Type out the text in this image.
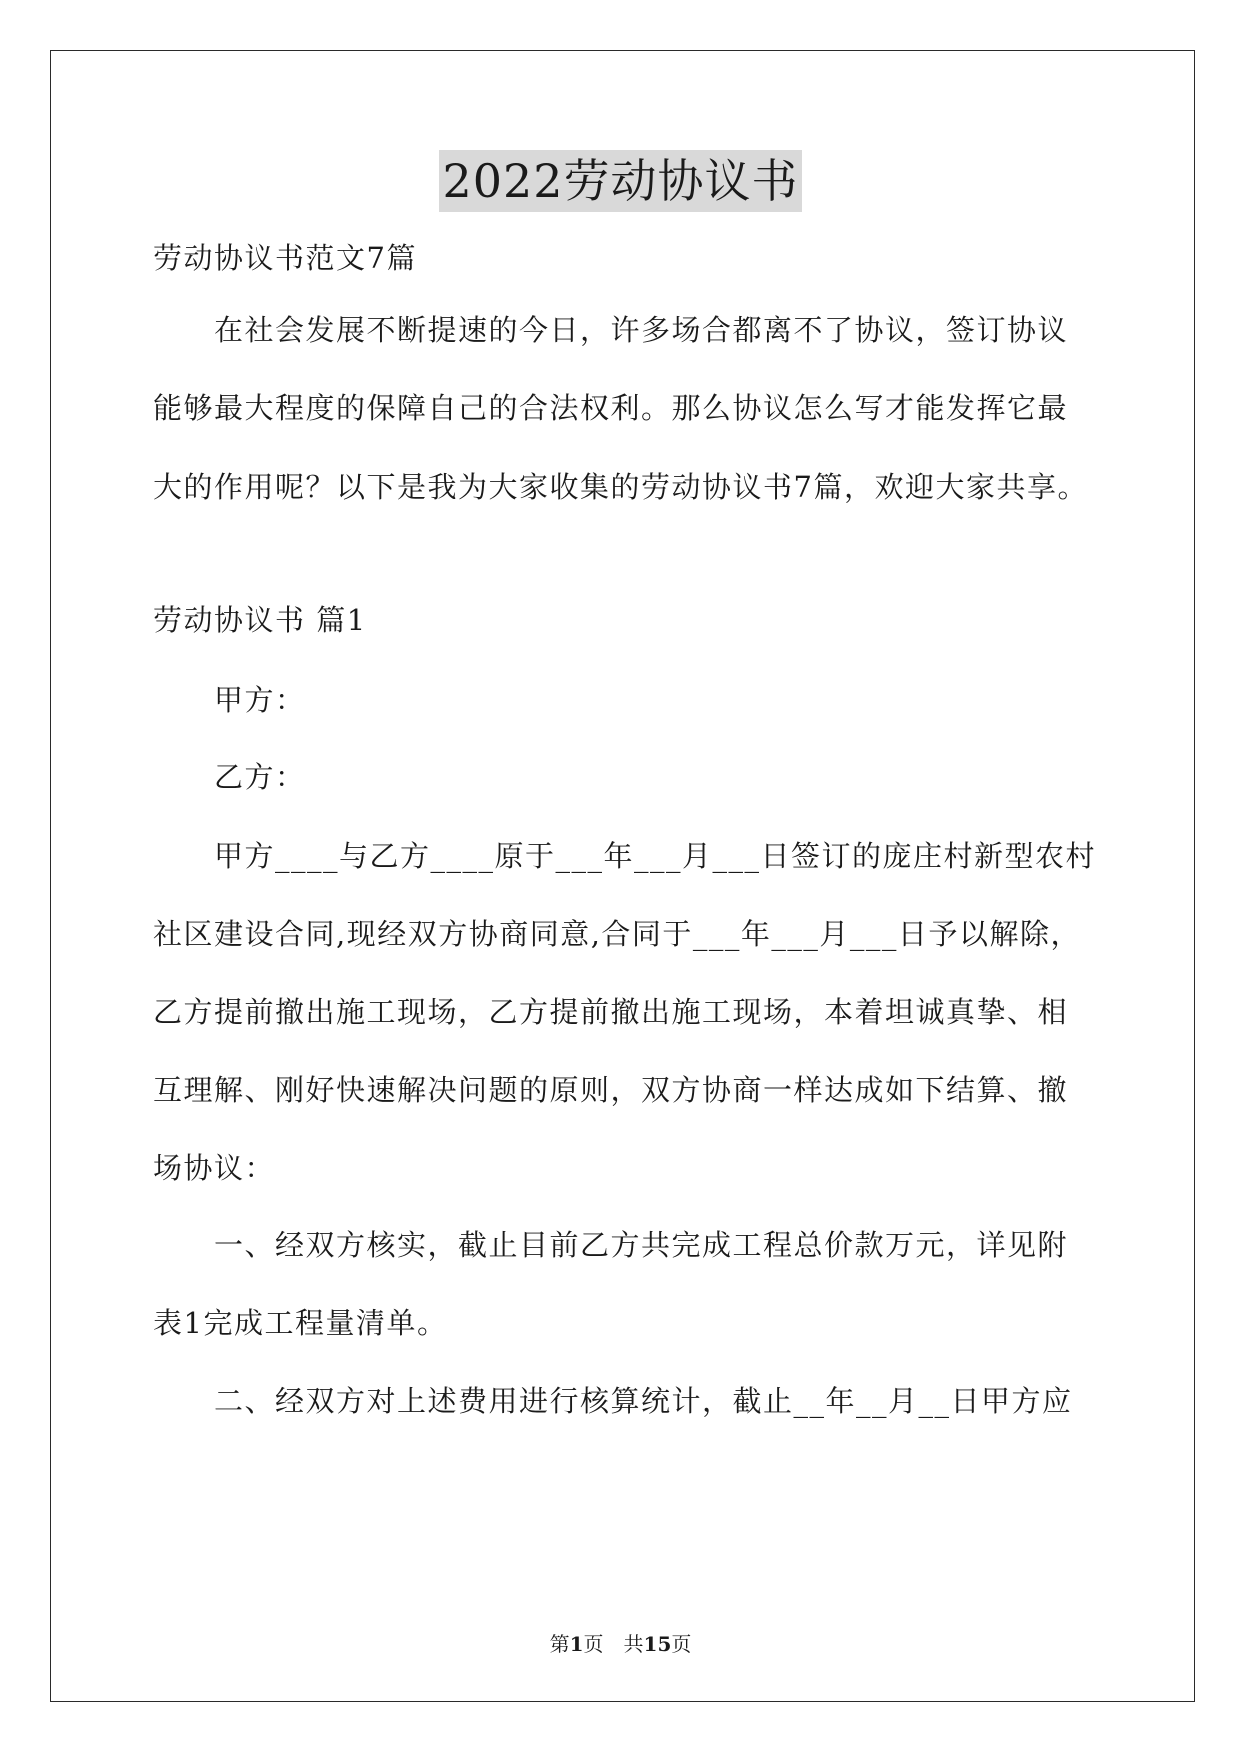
2022劳动协议书

劳动协议书范文7篇

在社会发展不断提速的今日，许多场合都离不了协议，签订协议

能够最大程度的保障自己的合法权利。那么协议怎么写才能发挥它最

大的作用呢？以下是我为大家收集的劳动协议书7篇，欢迎大家共享。

劳动协议书 篇1

甲方：

乙方：

甲方____与乙方____原于___年___月___日签订的庞庄村新型农村

社区建设合同,现经双方协商同意,合同于___年___月___日予以解除，

乙方提前撤出施工现场，乙方提前撤出施工现场，本着坦诚真挚、相

互理解、刚好快速解决问题的原则，双方协商一样达成如下结算、撤

场协议：

一、经双方核实，截止目前乙方共完成工程总价款万元，详见附

表1完成工程量清单。

二、经双方对上述费用进行核算统计，截止__年__月__日甲方应

第1页　共15页
